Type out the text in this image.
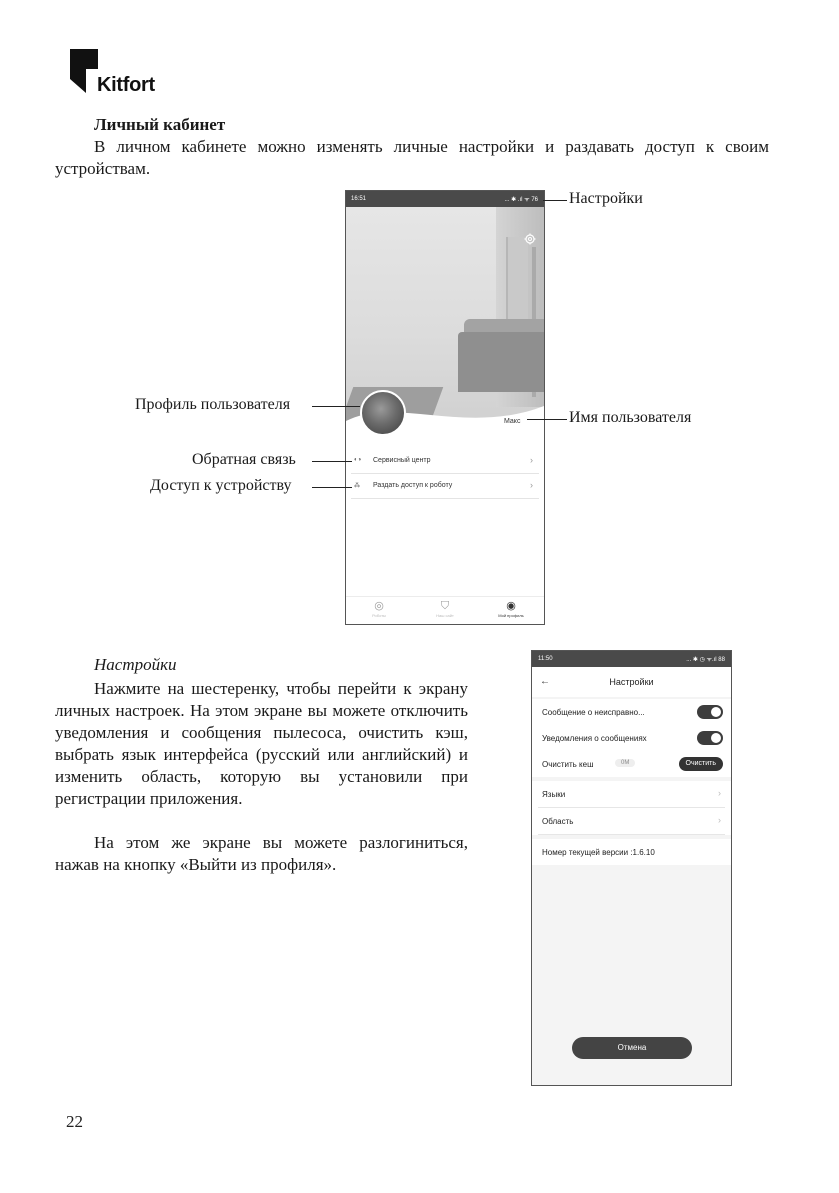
Kitfort
Личный кабинет
В личном кабинете можно изменять личные настройки и раздавать доступ к своим устройствам.
16:51	... ✱ .ıl ᯤ 76
Макс
◐◑ Сервисный центр	›
⁂ Раздать доступ к роботу	›
◎
Роботы
⛉
Наш сайт
◉
Мой профиль
Настройки
Профиль пользователя
Имя пользователя
Обратная связь
Доступ к устройству
Настройки
Нажмите на шестеренку, чтобы перейти к экрану личных настроек. На этом экране вы можете отключить уведомления и сообщения пылесоса, очистить кэш, выбрать язык интерфейса (русский или английский) и изменить область, которую вы установили при регистрации приложения.
На этом же экране вы можете разлогиниться, нажав на кнопку «Выйти из профиля».
11:50	... ✱ ◷ ᯤ.ıl 88
Настройки
←
Сообщение о неисправно...
Уведомления о сообщениях
Очистить кеш	0M	Очистить
Языки	›
Область	›
Номер текущей версии :1.6.10
Отмена
22
